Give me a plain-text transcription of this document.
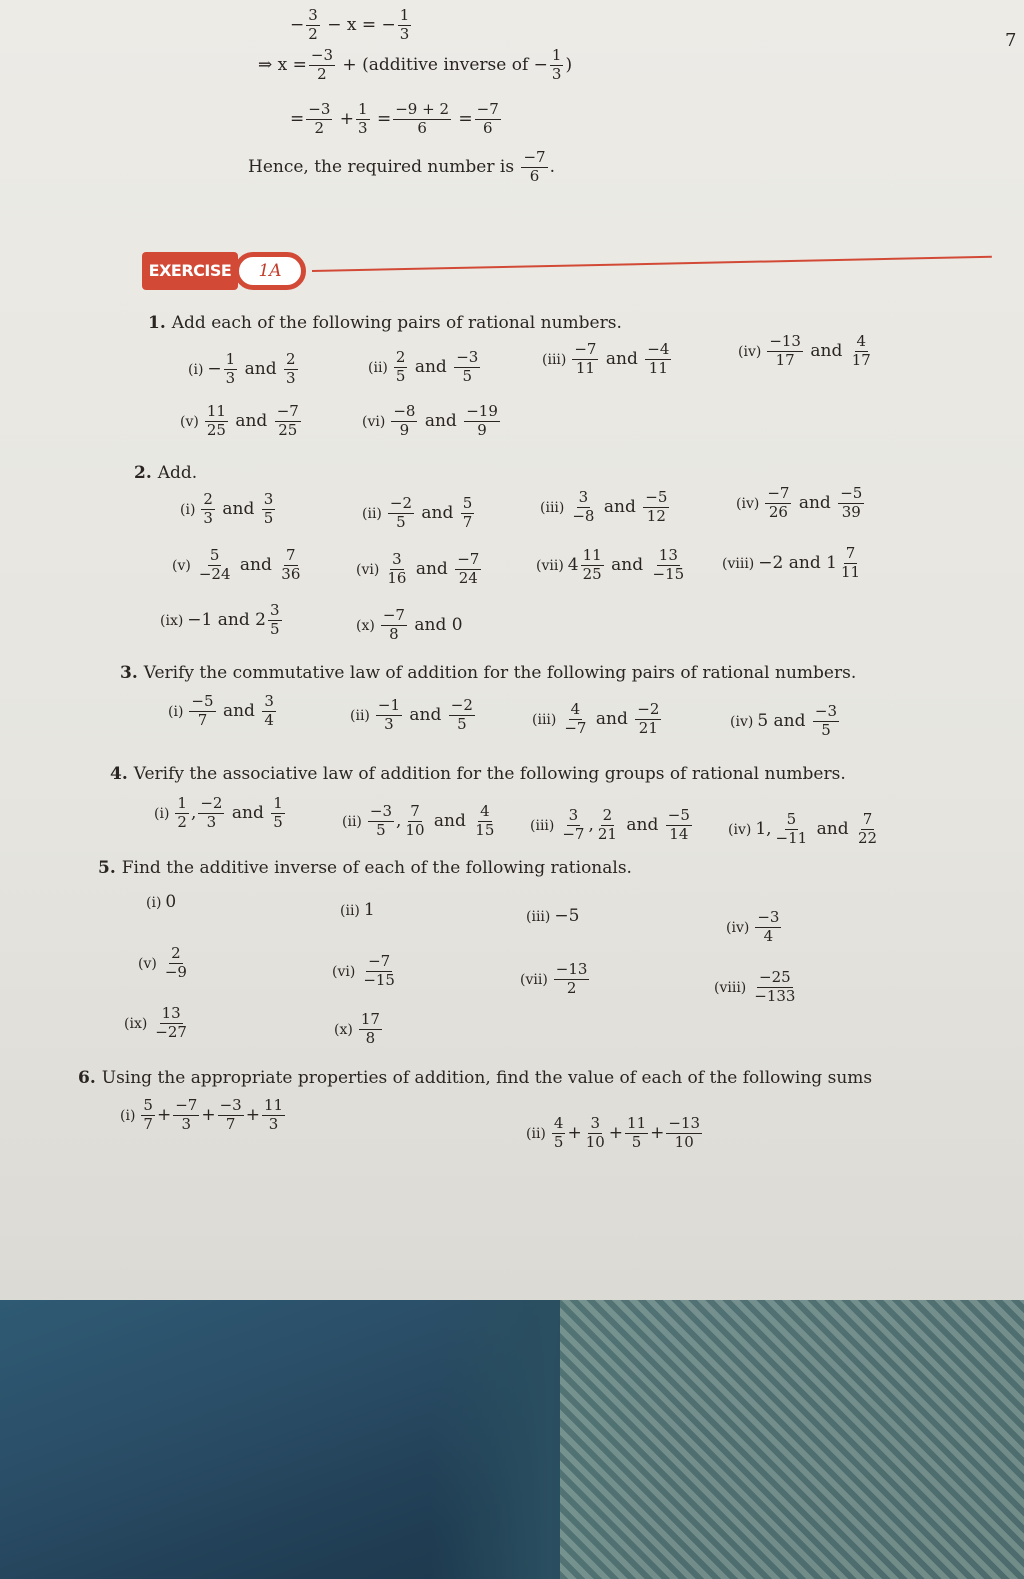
7
− $\frac{3}{2} - x$ = − $\frac{1}{3}$
⇒ $x = \frac{-3}{2}$ + (additive inverse of − $\frac{1}{3}$ )
= $\frac{-3}{2} + \frac{1}{3} = \frac{-9 + 2}{6} = \frac{-7}{6}$
Hence, the required number is $\frac{-7}{6}$ .
EXERCISE	1A
1. Add each of the following pairs of rational numbers.
2. Add.
3. Verify the commutative law of addition for the following pairs of rational numbers.
4. Verify the associative law of addition for the following groups of rational numbers.
5. Find the additive inverse of each of the following rationals.
6. Using the appropriate properties of addition, find the value of each of the following sums
$(i) - \frac{1}{3}$ and $\frac{2}{3}$	$(ii) \frac{2}{5}$ and $\frac{-3}{5}$	$(iii) \frac{-7}{11}$ and $\frac{-4}{11}$	$(iv) \frac{-13}{17}$ and $\frac{4}{17}$
$(v) \frac{11}{25}$ and $\frac{-7}{25}$	$(vi) \frac{-8}{9}$ and $\frac{-19}{9}$
$(i) \frac{2}{3}$ and $\frac{3}{5}$	$(ii) \frac{-2}{5}$ and $\frac{5}{7}$	$(iii) \frac{3}{-8}$ and $\frac{-5}{12}$	$(iv) \frac{-7}{26}$ and $\frac{-5}{39}$
$(v) \frac{5}{-24}$ and $\frac{7}{36}$	$(vi) \frac{3}{16}$ and $\frac{-7}{24}$	(vii) $4 \frac{11}{25}$ and $\frac{13}{-15}$	(viii) −2 and $1 \frac{7}{11}$
(ix) −1 and $2 \frac{3}{5}$	$(x) \frac{-7}{8}$ and 0
$(i) \frac{-5}{7}$ and $\frac{3}{4}$	$(ii) \frac{-1}{3}$ and $\frac{-2}{5}$	$(iii) \frac{4}{-7}$ and $\frac{-2}{21}$	(iv) 5 and $\frac{-3}{5}$
$(i) \frac{1}{2}$ , $\frac{-2}{3}$ and $\frac{1}{5}$	$(ii) \frac{-3}{5}$ , $\frac{7}{10}$ and $\frac{4}{15} (iii) \frac{3}{-7}$ , $\frac{2}{21}$ and $\frac{-5}{14}$	(iv) 1, $\frac{5}{-11}$ and $\frac{7}{22}$
(i) 0	(ii) 1	(iii) −5
$(iv) \frac{-3}{4}$
$(v) \frac{2}{-9}$	$(vi) \frac{-7}{-15}$	$(vii) \frac{-13}{2}$	(viii) $\frac{-25}{-133}$
$(ix) \frac{13}{-27}$	$(x) \frac{17}{8}$
$(i) \frac{5}{7} + \frac{-7}{3} + \frac{-3}{7} + \frac{11}{3}$
$(ii) \frac{4}{5} + \frac{3}{10} + \frac{11}{5} + \frac{-13}{10}$
